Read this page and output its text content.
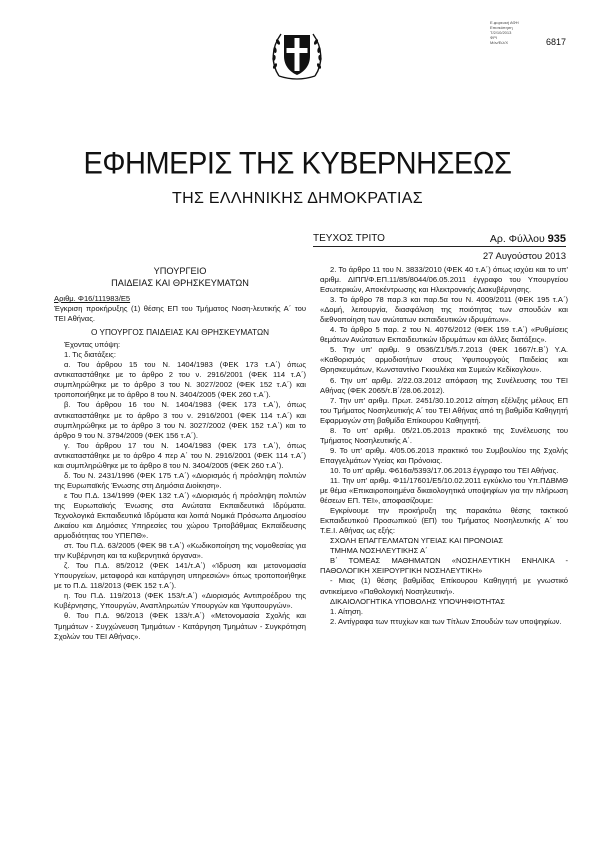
Ε.φορευκή ΑΦΗ
Επισκόπηση
Τ/2/10/2013
ΦΡΙ
Μόν/Ειλ/Χ	6817
ΕΦΗΜΕΡΙΣ ΤΗΣ ΚΥΒΕΡΝΗΣΕΩΣ
ΤΗΣ ΕΛΛΗΝΙΚΗΣ ΔΗΜΟΚΡΑΤΙΑΣ
ΤΕΥΧΟΣ ΤΡΙΤΟ	Αρ. Φύλλου 935
27 Αυγούστου 2013

ΥΠΟΥΡΓΕΙΟ
ΠΑΙΔΕΙΑΣ ΚΑΙ ΘΡΗΣΚΕΥΜΑΤΩΝ

Αριθμ. Φ16/111983/Ε5

Έγκριση προκήρυξης (1) θέσης ΕΠ του Τμήματος Νοση-λευτικής Α΄ του ΤΕΙ Αθήνας.

Ο ΥΠΟΥΡΓΟΣ ΠΑΙΔΕΙΑΣ ΚΑΙ ΘΡΗΣΚΕΥΜΑΤΩΝ

Έχοντας υπόψη:

1. Τις διατάξεις:

α. Του άρθρου 15 του Ν. 1404/1983 (ΦΕΚ 173 τ.Α΄) όπως αντικαταστάθηκε με το άρθρο 2 του ν. 2916/2001 (ΦΕΚ 114 τ.Α΄) συμπληρώθηκε με το άρθρο 3 του Ν. 3027/2002 (ΦΕΚ 152 τ.Α΄) και τροποποιήθηκε με το άρθρο 8 του Ν. 3404/2005 (ΦΕΚ 260 τ.Α΄).

β. Του άρθρου 16 του Ν. 1404/1983 (ΦΕΚ 173 τ.Α΄), όπως αντικαταστάθηκε με το άρθρο 3 του ν. 2916/2001 (ΦΕΚ 114 τ.Α΄) και συμπληρώθηκε με το άρθρο 3 του Ν. 3027/2002 (ΦΕΚ 152 τ.Α΄) και το άρθρο 9 του Ν. 3794/2009 (ΦΕΚ 156 τ.Α΄).

γ. Του άρθρου 17 του Ν. 1404/1983 (ΦΕΚ 173 τ.Α΄), όπως αντικαταστάθηκε με το άρθρο 4 περ Α΄ του Ν. 2916/2001 (ΦΕΚ 114 τ.Α΄) και συμπληρώθηκε με το άρθρο 8 του Ν. 3404/2005 (ΦΕΚ 260 τ.Α΄).

δ. Του Ν. 2431/1996 (ΦΕΚ 175 τ.Α΄) «Διορισμός ή πρόσληψη πολιτών της Ευρωπαϊκής Ένωσης στη Δημόσια Διοίκηση».

ε Του Π.Δ. 134/1999 (ΦΕΚ 132 τ.Α΄) «Διορισμός ή πρόσληψη πολιτών της Ευρωπαϊκής Ένωσης στα Ανώτατα Εκπαιδευτικά Ιδρύματα. Τεχνολογικά Εκπαιδευτικά Ιδρύματα και λοιπά Νομικά Πρόσωπα Δημοσίου Δικαίου και Δημόσιες Υπηρεσίες του χώρου Τριτοβάθμιας Εκπαίδευσης αρμοδιότητας του ΥΠΕΠΘ».

στ. Του Π.Δ. 63/2005 (ΦΕΚ 98 τ.Α΄) «Κωδικοποίηση της νομοθεσίας για την Κυβέρνηση και τα κυβερνητικά όργανα».

ζ. Του Π.Δ. 85/2012 (ΦΕΚ 141/τ.Α΄) «Ίδρυση και μετονομασία Υπουργείων, μεταφορά και κατάργηση υπηρεσιών» όπως τροποποιήθηκε με το Π.Δ. 118/2013 (ΦΕΚ 152 τ.Α΄).

η. Του Π.Δ. 119/2013 (ΦΕΚ 153/τ.Α΄) «Διορισμός Αντιπροέδρου της Κυβέρνησης, Υπουργών, Αναπληρωτών Υπουργών και Υφυπουργών».

θ. Του Π.Δ. 96/2013 (ΦΕΚ 133/τ.Α΄) «Μετονομασία Σχολής και Τμημάτων - Συγχώνευση Τμημάτων - Κατάργηση Τμημάτων - Συγκρότηση Σχολών του ΤΕΙ Αθήνας».

2. Το άρθρο 11 του Ν. 3833/2010 (ΦΕΚ 40 τ.Α΄) όπως ισχύει και το υπ' αριθμ. ΔΙΠΠ/Φ.ΕΠ.11/85/8044/06.05.2011 έγγραφο του Υπουργείου Εσωτερικών, Αποκέντρωσης και Ηλεκτρονικής Διακυβέρνησης.

3. Το άρθρο 78 παρ.3 και παρ.5α του Ν. 4009/2011 (ΦΕΚ 195 τ.Α΄) «Δομή, λειτουργία, διασφάλιση της ποιότητας των σπουδών και διεθνοποίηση των ανώτατων εκπαιδευτικών ιδρυμάτων».

4. Το άρθρο 5 παρ. 2 του Ν. 4076/2012 (ΦΕΚ 159 τ.Α΄) «Ρυθμίσεις θεμάτων Ανώτατων Εκπαιδευτικών Ιδρυμάτων και άλλες διατάξεις».

5. Την υπ' αριθμ. 9 0536/Ζ1/5/5.7.2013 (ΦΕΚ 1667/τ.Β΄) Υ.Α. «Καθορισμός αρμοδιοτήτων στους Υφυπουργούς Παιδείας και Θρησκευμάτων, Κωνσταντίνο Γκιουλέκα και Συμεών Κεδίκογλου».

6. Την υπ' αριθμ. 2/22.03.2012 απόφαση της Συνέλευσης του ΤΕΙ Αθήνας (ΦΕΚ 2065/τ.Β΄/28.06.2012).

7. Την υπ' αριθμ. Πρωτ. 2451/30.10.2012 αίτηση εξέλιξης μέλους ΕΠ του Τμήματος Νοσηλευτικής Α΄ του ΤΕΙ Αθήνας από τη βαθμίδα Καθηγητή Εφαρμογών στη βαθμίδα Επίκουρου Καθηγητή.

8. Το υπ' αριθμ. 05/21.05.2013 πρακτικό της Συνέλευσης του Τμήματος Νοσηλευτικής Α΄.

9. Το υπ' αριθμ. 4/05.06.2013 πρακτικό του Συμβουλίου της Σχολής Επαγγελμάτων Υγείας και Πρόνοιας.

10. Το υπ' αριθμ. Φ616α/5393/17.06.2013 έγγραφο του ΤΕΙ Αθήνας.

11. Την υπ' αριθμ. Φ11/17601/Ε5/10.02.2011 εγκύκλιο του Υπ.ΠΔΒΜΘ με θέμα «Επικαιροποιημένα δικαιολογητικά υποψηφίων για την πλήρωση θέσεων ΕΠ. ΤΕΙ», αποφασίζουμε:

Εγκρίνουμε την προκήρυξη της παρακάτω θέσης τακτικού Εκπαιδευτικού Προσωπικού (ΕΠ) του Τμήματος Νοσηλευτικής Α΄ του Τ.Ε.Ι. Αθήνας ως εξής:

ΣΧΟΛΗ ΕΠΑΓΓΕΛΜΑΤΩΝ ΥΓΕΙΑΣ ΚΑΙ ΠΡΟΝΟΙΑΣ

ΤΜΗΜΑ ΝΟΣΗΛΕΥΤΙΚΗΣ Α΄

Β΄ ΤΟΜΕΑΣ ΜΑΘΗΜΑΤΩΝ «ΝΟΣΗΛΕΥΤΙΚΗ ΕΝΗΛΙΚΑ - ΠΑΘΟΛΟΓΙΚΗ ΧΕΙΡΟΥΡΓΙΚΗ ΝΟΣΗΛΕΥΤΙΚΗ»

- Μιας (1) θέσης βαθμίδας Επίκουρου Καθηγητή με γνωστικό αντικείμενο «Παθολογική Νοσηλευτική».

ΔΙΚΑΙΟΛΟΓΗΤΙΚΑ ΥΠΟΒΟΛΗΣ ΥΠΟΨΗΦΙΟΤΗΤΑΣ

1. Αίτηση.

2. Αντίγραφα των πτυχίων και των Τίτλων Σπουδών των υποψηφίων.
